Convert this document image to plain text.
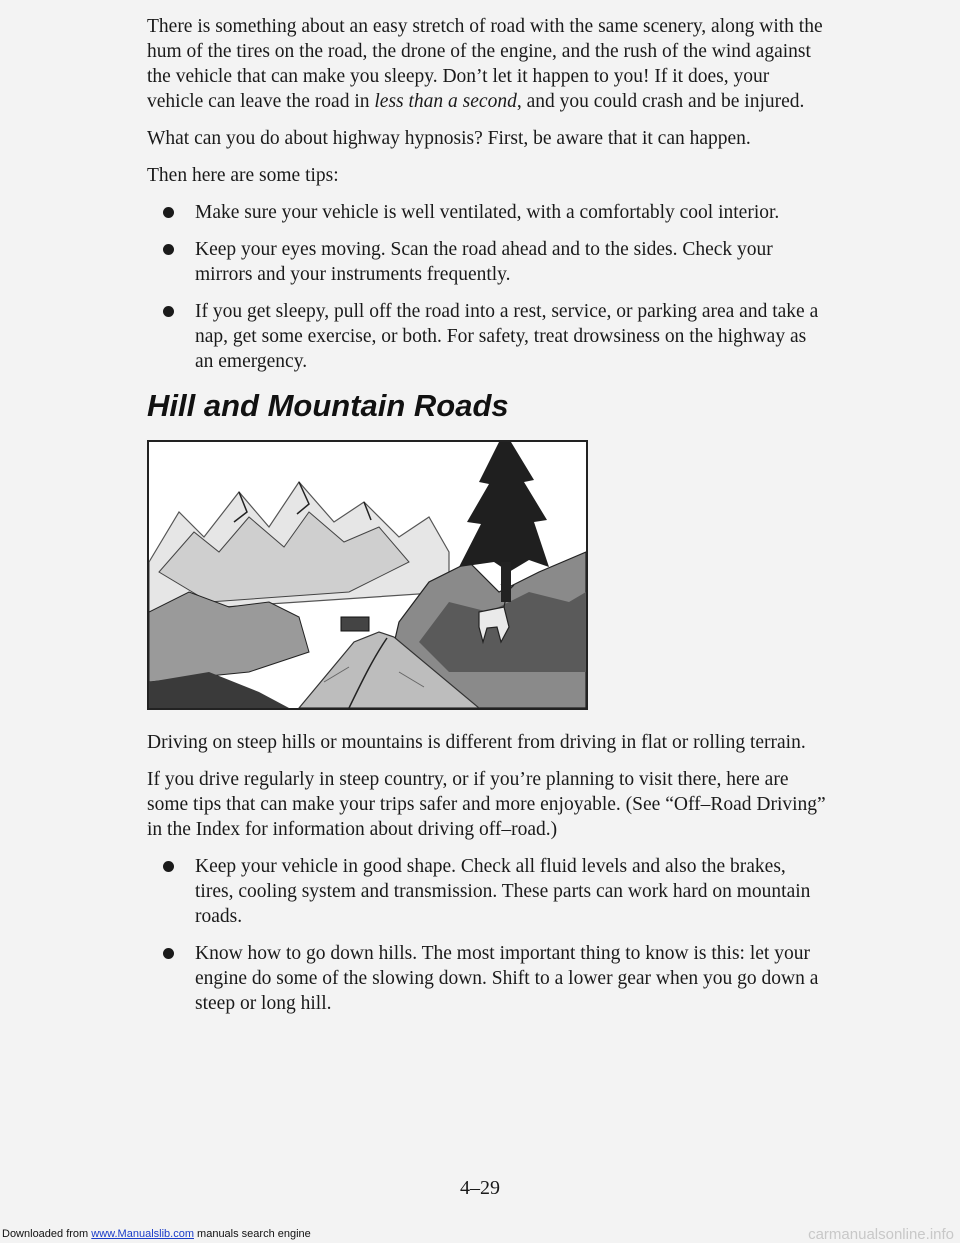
There is something about an easy stretch of road with the same scenery, along with the hum of the tires on the road, the drone of the engine, and the rush of the wind against the vehicle that can make you sleepy. Don’t let it happen to you! If it does, your vehicle can leave the road in less than a second, and you could crash and be injured.

What can you do about highway hypnosis? First, be aware that it can happen.

Then here are some tips:

Make sure your vehicle is well ventilated, with a comfortably cool interior.
Keep your eyes moving. Scan the road ahead and to the sides. Check your mirrors and your instruments frequently.
If you get sleepy, pull off the road into a rest, service, or parking area and take a nap, get some exercise, or both. For safety, treat drowsiness on the highway as an emergency.
Hill and Mountain Roads

Driving on steep hills or mountains is different from driving in flat or rolling terrain.

If you drive regularly in steep country, or if you’re planning to visit there, here are some tips that can make your trips safer and more enjoyable. (See “Off–Road Driving” in the Index for information about driving off–road.)

Keep your vehicle in good shape. Check all fluid levels and also the brakes, tires, cooling system and transmission. These parts can work hard on mountain roads.
Know how to go down hills. The most important thing to know is this: let your engine do some of the slowing down. Shift to a lower gear when you go down a steep or long hill.
4–29
Downloaded from www.Manualslib.com manuals search engine	carmanualsonline.info
